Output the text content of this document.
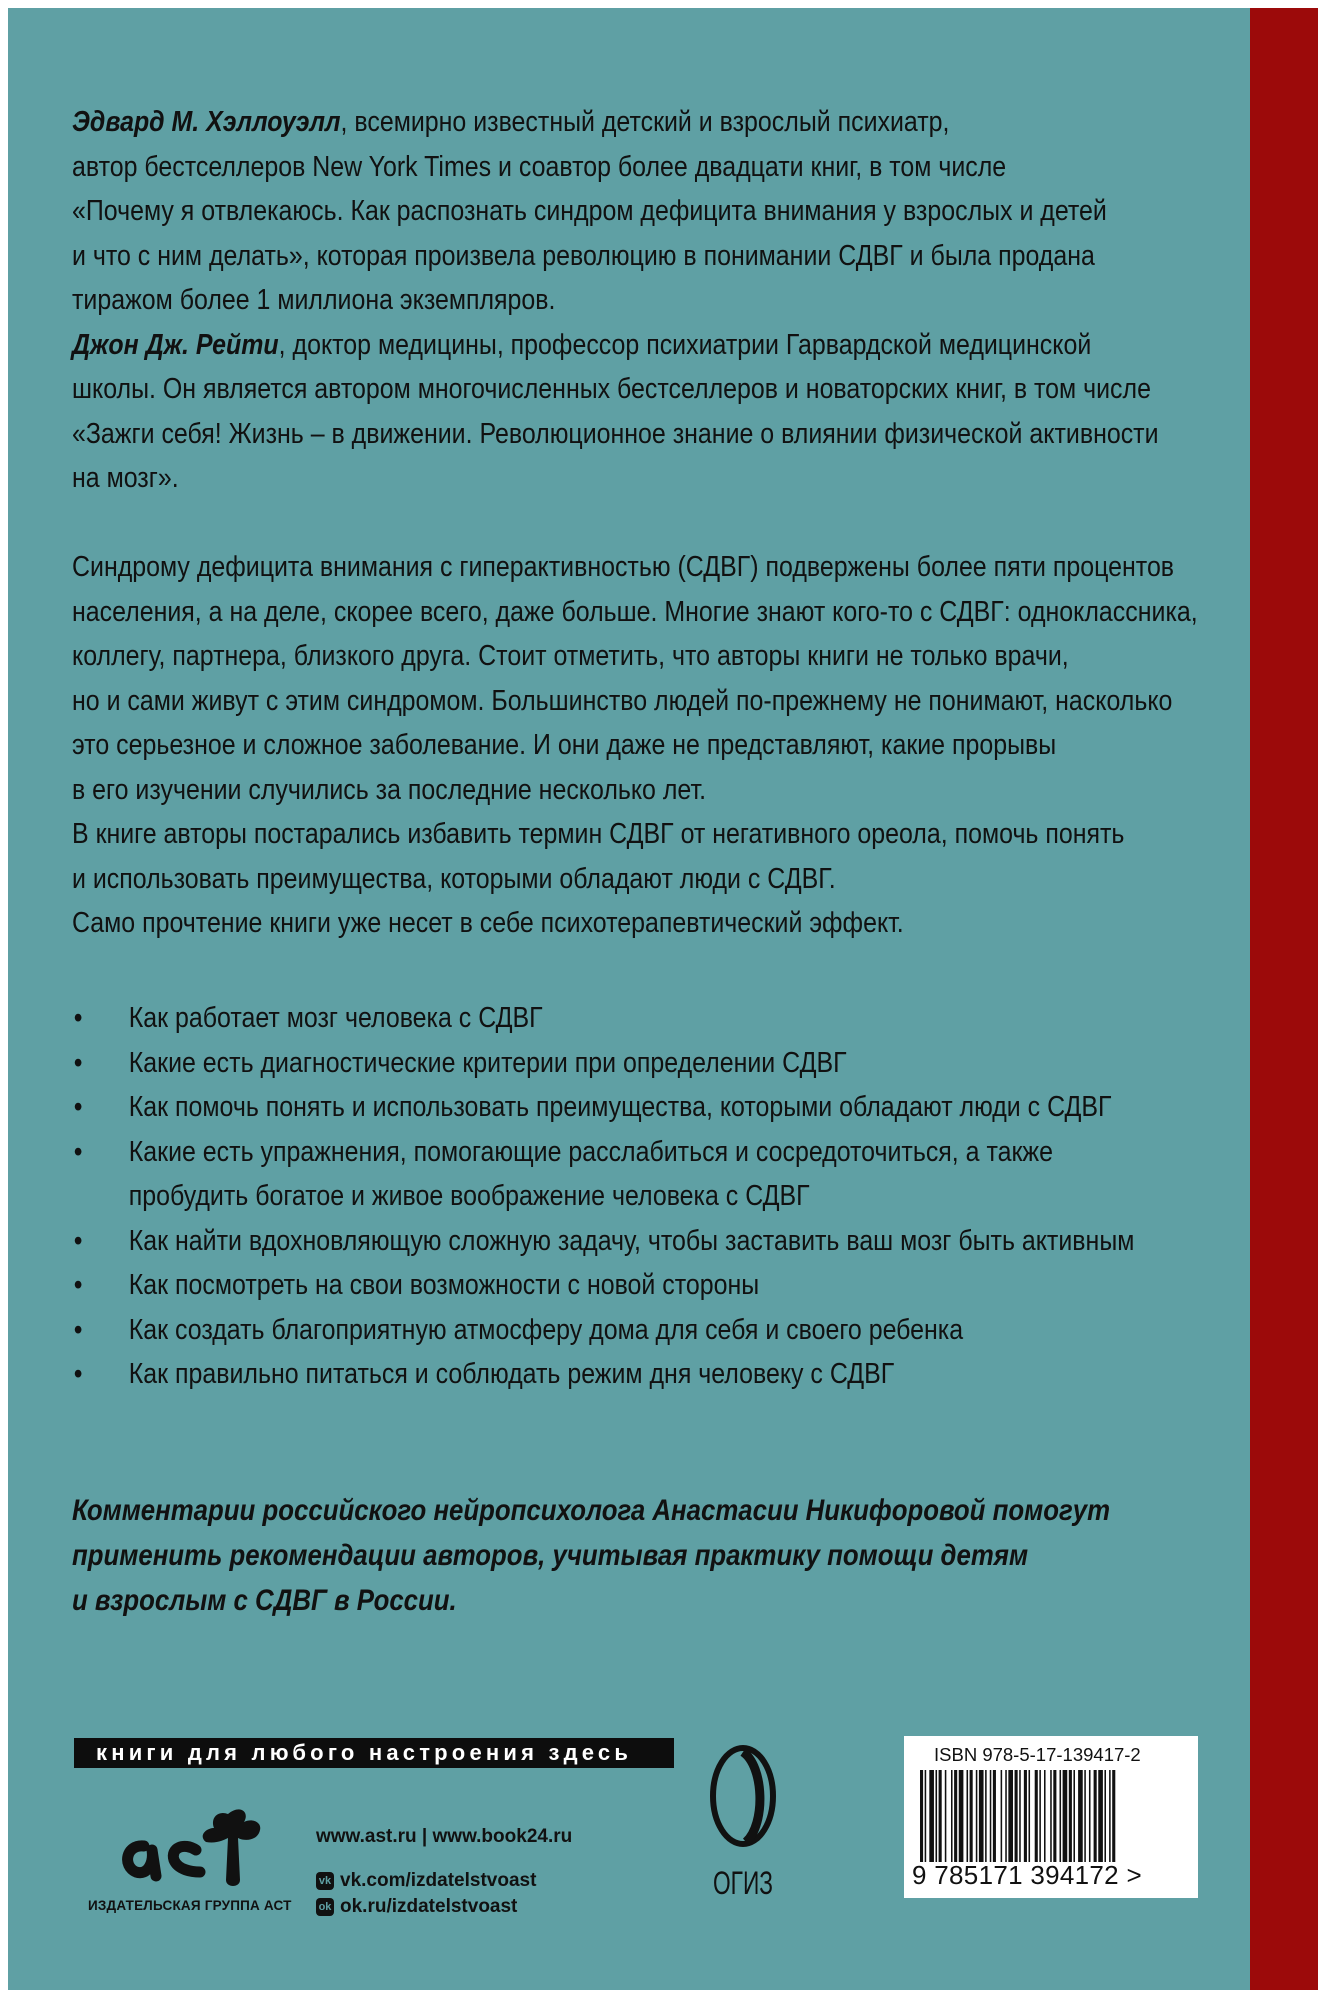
Эдвард М. Хэллоуэлл, всемирно известный детский и взрослый психиатр,

автор бестселлеров New York Times и соавтор более двадцати книг, в том числе

«Почему я отвлекаюсь. Как распознать синдром дефицита внимания у взрослых и детей

и что с ним делать», которая произвела революцию в понимании СДВГ и была продана

тиражом более 1 миллиона экземпляров.

Джон Дж. Рейти, доктор медицины, профессор психиатрии Гарвардской медицинской

школы. Он является автором многочисленных бестселлеров и новаторских книг, в том числе

«Зажги себя! Жизнь – в движении. Революционное знание о влиянии физической активности

на мозг».

Синдрому дефицита внимания с гиперактивностью (СДВГ) подвержены более пяти процентов

населения, а на деле, скорее всего, даже больше. Многие знают кого-то с СДВГ: одноклассника,

коллегу, партнера, близкого друга. Стоит отметить, что авторы книги не только врачи,

но и сами живут с этим синдромом. Большинство людей по-прежнему не понимают, насколько

это серьезное и сложное заболевание. И они даже не представляют, какие прорывы

в его изучении случились за последние несколько лет.

В книге авторы постарались избавить термин СДВГ от негативного ореола, помочь понять

и использовать преимущества, которыми обладают люди с СДВГ.

Само прочтение книги уже несет в себе психотерапевтический эффект.

• Как работает мозг человека с СДВГ
• Какие есть диагностические критерии при определении СДВГ
• Как помочь понять и использовать преимущества, которыми обладают люди с СДВГ
• Какие есть упражнения, помогающие расслабиться и сосредоточиться, а также
пробудить богатое и живое воображение человека с СДВГ
• Как найти вдохновляющую сложную задачу, чтобы заставить ваш мозг быть активным
• Как посмотреть на свои возможности с новой стороны
• Как создать благоприятную атмосферу дома для себя и своего ребенка
• Как правильно питаться и соблюдать режим дня человеку с СДВГ
Комментарии российского нейропсихолога Анастасии Никифоровой помогут
применить рекомендации авторов, учитывая практику помощи детям
и взрослым с СДВГ в России.
книги для любого настроения здесь
ИЗДАТЕЛЬСКАЯ ГРУППА АСТ
www.ast.ru | www.book24.ru
vk vk.com/izdatelstvoast
ok ok.ru/izdatelstvoast
ОГИЗ
ISBN 978-5-17-139417-2
9 785171 394172 >
